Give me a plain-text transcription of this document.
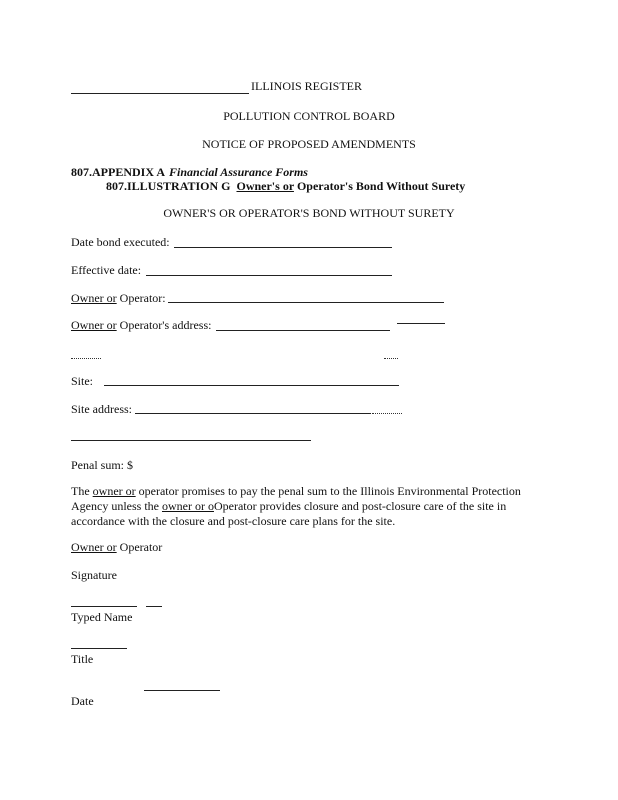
ILLINOIS REGISTER
POLLUTION CONTROL BOARD
NOTICE OF PROPOSED AMENDMENTS
807.APPENDIX A Financial Assurance Forms
807.ILLUSTRATION G Owner's or Operator's Bond Without Surety
OWNER'S OR OPERATOR'S BOND WITHOUT SURETY
Date bond executed:
Effective date:
Owner or Operator:
Owner or Operator's address:
Site:
Site address:
Penal sum: $
The owner or operator promises to pay the penal sum to the Illinois Environmental Protection Agency unless the owner or oOperator provides closure and post-closure care of the site in accordance with the closure and post-closure care plans for the site.
Owner or Operator
Signature
Typed Name
Title
Date
